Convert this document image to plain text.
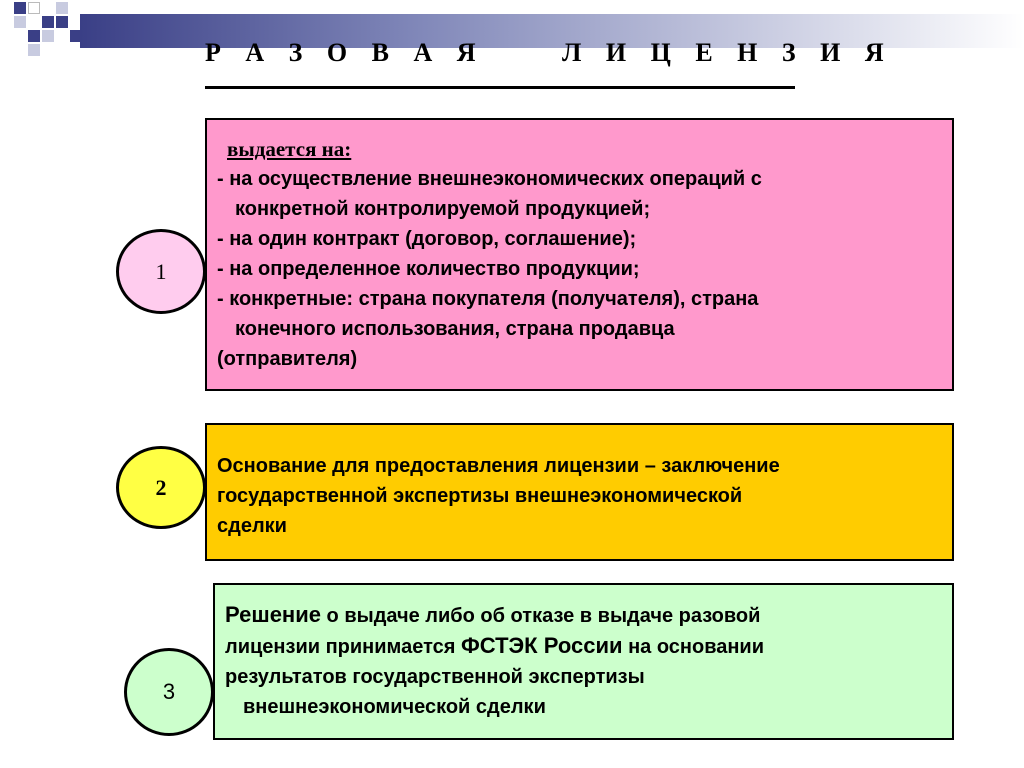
Р А З О В А Я     Л И Ц Е Н З И Я
1
выдается на:
- на осуществление внешнеэкономических операций с
конкретной контролируемой продукцией;
- на один контракт (договор, соглашение);
- на определенное количество продукции;
- конкретные: страна покупателя (получателя), страна
конечного использования, страна продавца
(отправителя)
2
Основание для предоставления лицензии – заключение
государственной экспертизы внешнеэкономической
сделки
3
Решение о выдаче либо об отказе в выдаче разовой
лицензии принимается ФСТЭК России на основании
результатов государственной экспертизы
внешнеэкономической сделки
